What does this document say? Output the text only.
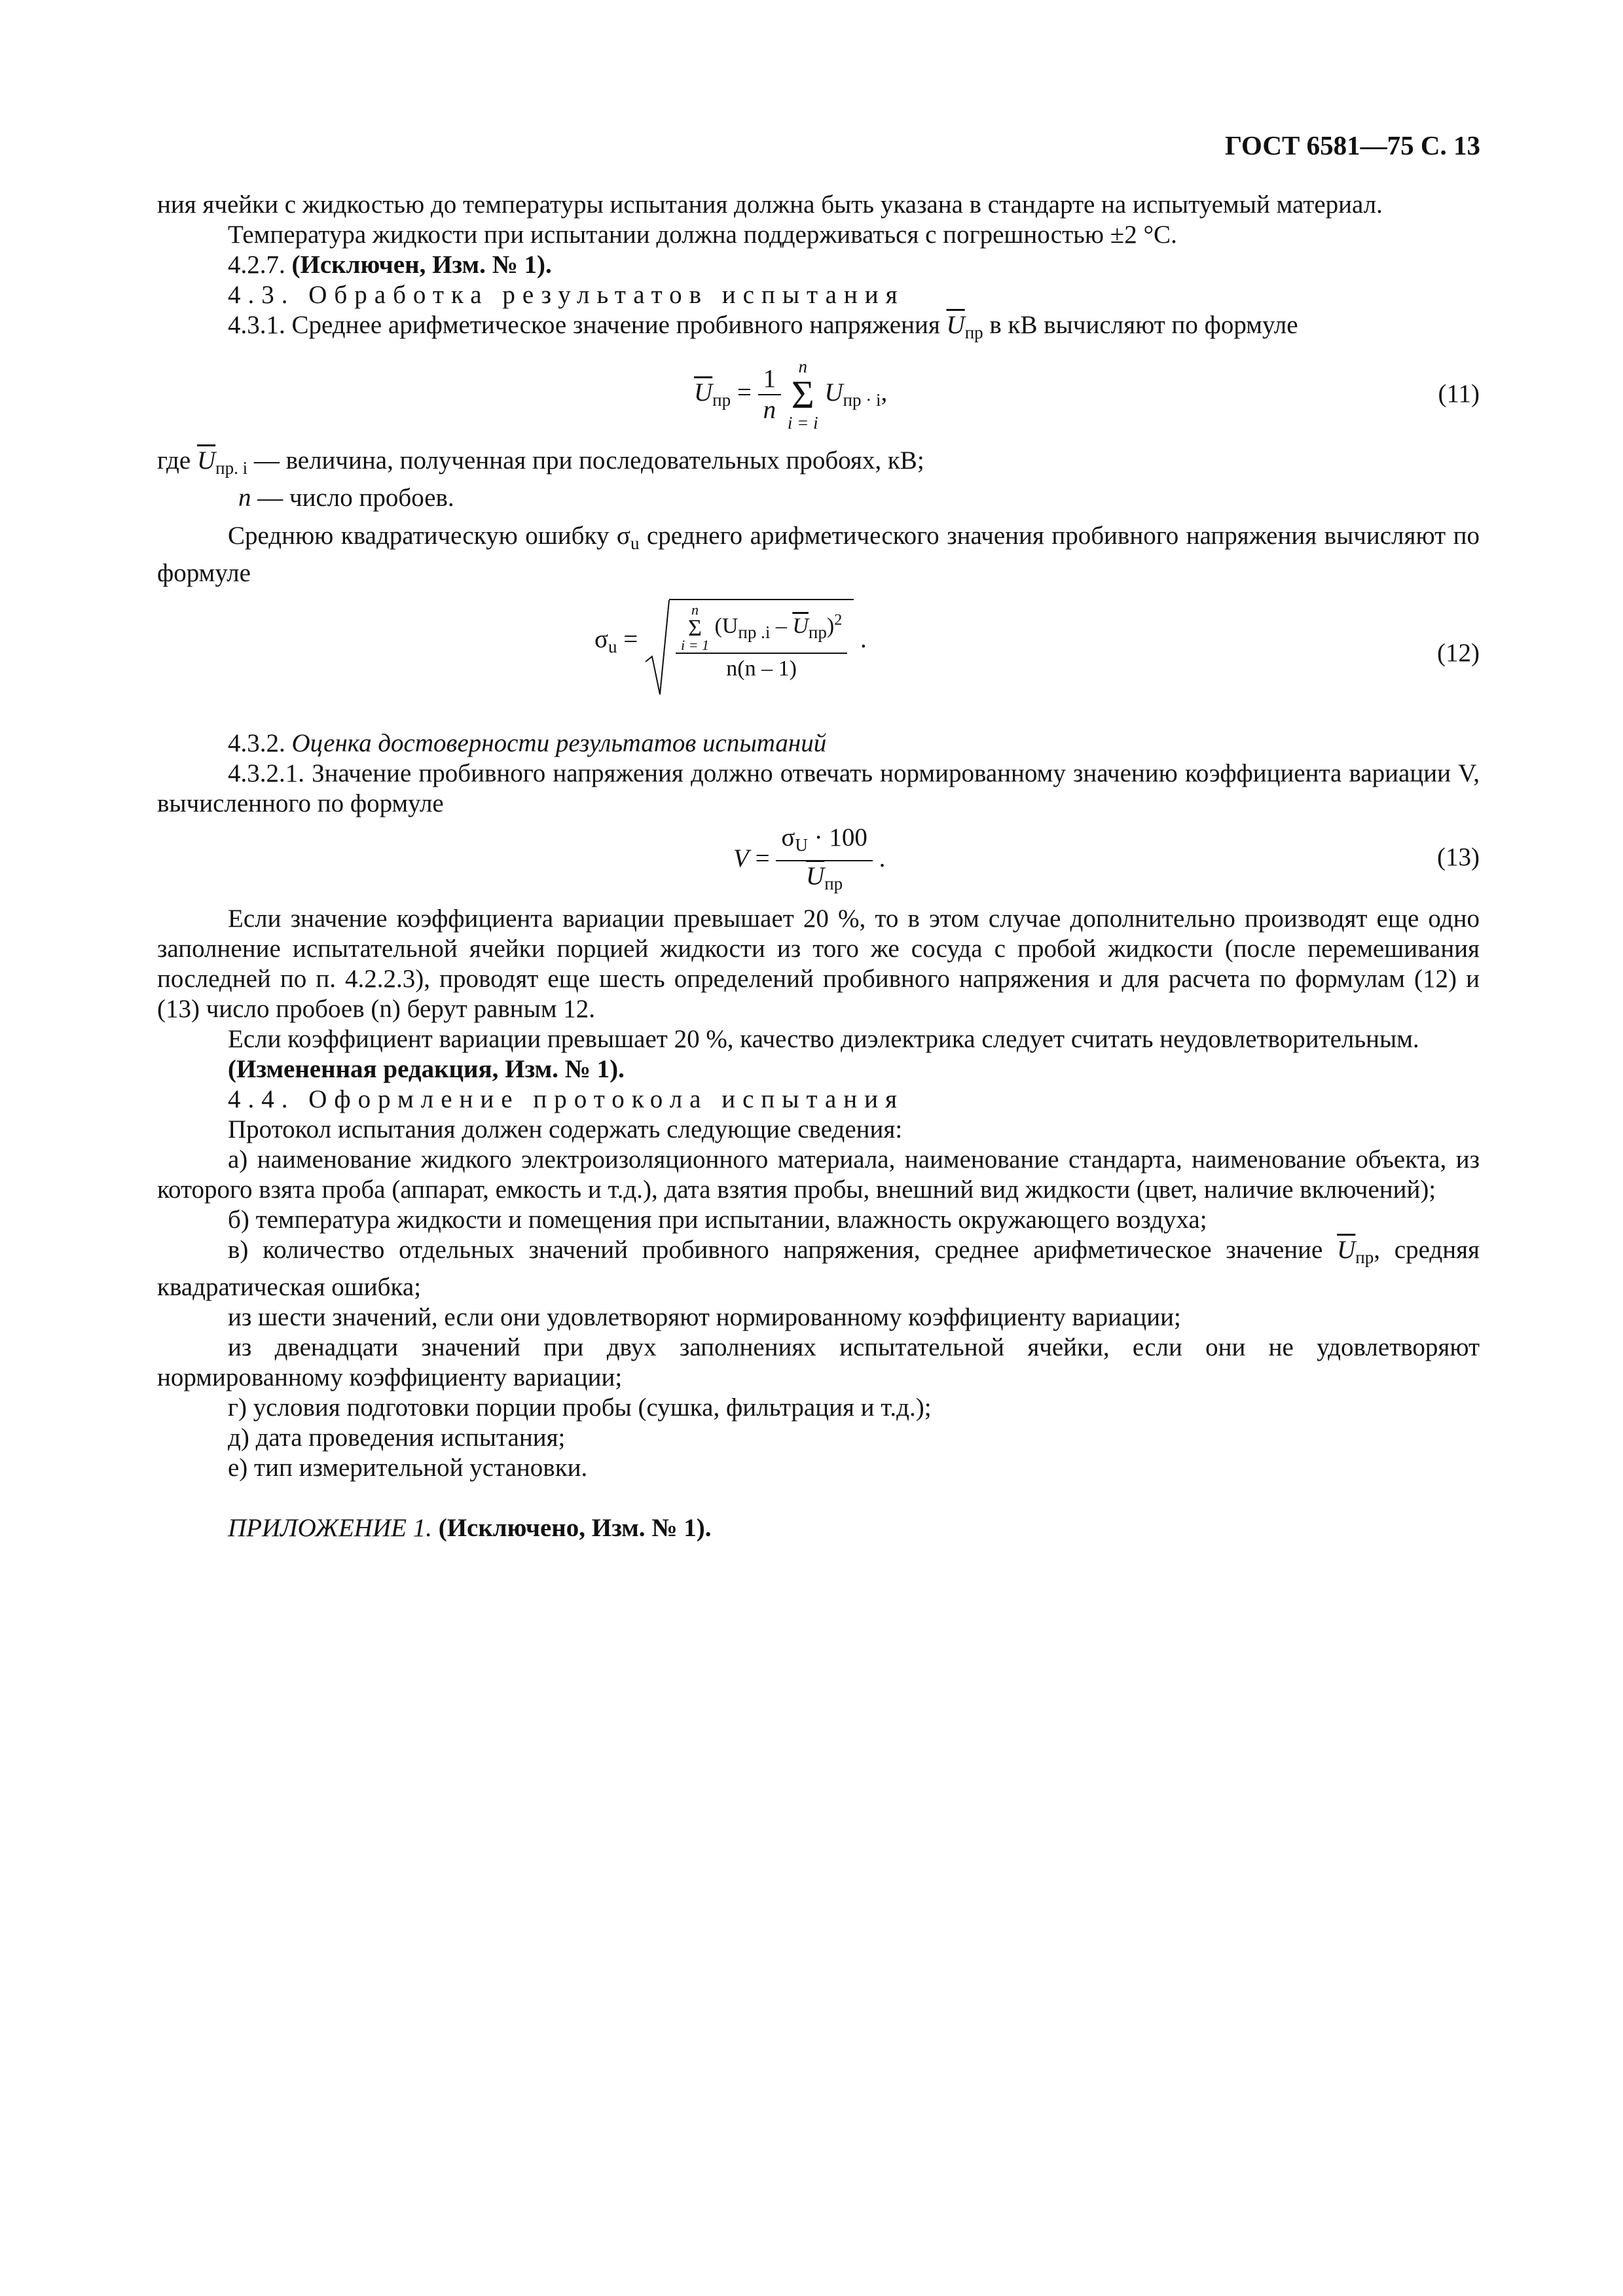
ГОСТ 6581—75 С. 13

ния ячейки с жидкостью до температуры испытания должна быть указана в стандарте на испытуемый материал.

Температура жидкости при испытании должна поддерживаться с погрешностью ±2 °С.

4.2.7. (Исключен, Изм. № 1).

4.3. Обработка результатов испытания

4.3.1. Среднее арифметическое значение пробивного напряжения $\overline{U}_{пр}$ в кВ вычисляют по формуле

$\overline{U}_{пр} = \frac{1}{n}$ n
Σ
i = i $U_{пр \cdot i}$,	(11)

где $\overline{U}_{пр. i}$ — величина, полученная при последовательных пробоях, кВ;

n — число пробоев.

Среднюю квадратическую ошибку $\sigma_u$ среднего арифметического значения пробивного напряжения вычисляют по формуле

$\sigma_u$ =
n
Σ
i = 1 $(U_{пр .i} - \overline{U}_{пр})^2$
n(n – 1)
.	(12)

4.3.2. Оценка достоверности результатов испытаний

4.3.2.1. Значение пробивного напряжения должно отвечать нормированному значению коэффициента вариации V, вычисленного по формуле

$V = \frac{\sigma_U \cdot 100}{\overline{U}_{пр}}$ .	(13)

Если значение коэффициента вариации превышает 20 %, то в этом случае дополнительно производят еще одно заполнение испытательной ячейки порцией жидкости из того же сосуда с пробой жидкости (после перемешивания последней по п. 4.2.2.3), проводят еще шесть определений пробивного напряжения и для расчета по формулам (12) и (13) число пробоев (n) берут равным 12.

Если коэффициент вариации превышает 20 %, качество диэлектрика следует считать неудовлетворительным.

(Измененная редакция, Изм. № 1).

4.4. Оформление протокола испытания

Протокол испытания должен содержать следующие сведения:

а) наименование жидкого электроизоляционного материала, наименование стандарта, наименование объекта, из которого взята проба (аппарат, емкость и т.д.), дата взятия пробы, внешний вид жидкости (цвет, наличие включений);

б) температура жидкости и помещения при испытании, влажность окружающего воздуха;

в) количество отдельных значений пробивного напряжения, среднее арифметическое значение $\overline{U}_{пр}$, средняя квадратическая ошибка;

из шести значений, если они удовлетворяют нормированному коэффициенту вариации;

из двенадцати значений при двух заполнениях испытательной ячейки, если они не удовлетворяют нормированному коэффициенту вариации;

г) условия подготовки порции пробы (сушка, фильтрация и т.д.);

д) дата проведения испытания;

е) тип измерительной установки.

ПРИЛОЖЕНИЕ 1. (Исключено, Изм. № 1).
